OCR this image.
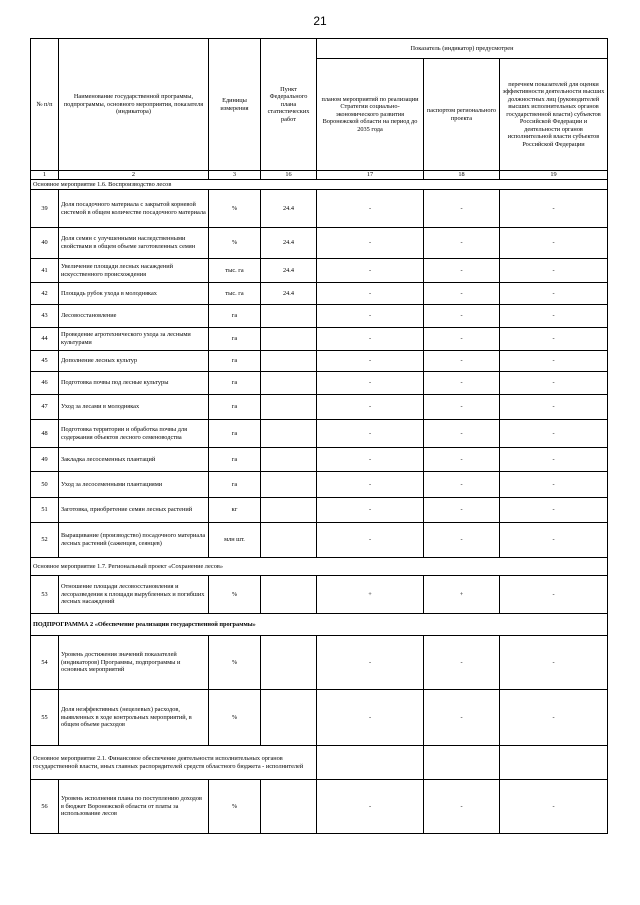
21
№ п/п	Наименование государственной программы, подпрограммы, основного мероприятия, показателя (индикатора)	Единицы измерения	Пункт Федерального плана статистических работ	Показатель (индикатор) предусмотрен		
				планом мероприятий по реализации Стратегии социально-экономического развития Воронежской области на период до 2035 года	паспортом регионального проекта	перечнем показателей для оценки эффективности деятельности высших должностных лиц (руководителей высших исполнительных органов государственной власти) субъектов Российской Федерации и деятельности органов исполнительной власти субъектов Российской Федерации
1	2	3	16	17	18	19
Основное мероприятие 1.6. Воспроизводство лесов						
39	Доля посадочного материала с закрытой корневой системой в общем количестве посадочного материала	%	24.4	-	-	-
40	Доля семян с улучшенными наследственными свойствами в общем объеме заготовленных семян	%	24.4	-	-	-
41	Увеличение площади лесных насаждений искусственного происхождения	тыс. га	24.4	-	-	-
42	Площадь рубок ухода в молодняках	тыс. га	24.4	-	-	-
43	Лесовосстановление	га		-	-	-
44	Проведение агротехнического ухода за лесными культурами	га		-	-	-
45	Дополнение лесных культур	га		-	-	-
46	Подготовка почвы под лесные культуры	га		-	-	-
47	Уход за лесами в молодняках	га		-	-	-
48	Подготовка территории и обработка почвы для содержания объектов лесного семеноводства	га		-	-	-
49	Закладка лесосеменных плантаций	га		-	-	-
50	Уход за лесосеменными плантациями	га		-	-	-
51	Заготовка, приобретение семян лесных растений	кг		-	-	-
52	Выращивание (производство) посадочного материала лесных растений (саженцев, сеянцев)	млн шт.		-	-	-
Основное мероприятие 1.7. Региональный проект «Сохранение лесов»						
53	Отношение площади лесовосстановления и лесоразведения к площади вырубленных и погибших лесных насаждений	%		+	+	-
ПОДПРОГРАММА 2 «Обеспечение реализации государственной программы»						
54	Уровень достижения значений показателей (индикаторов) Программы, подпрограммы и основных мероприятий	%		-	-	-
55	Доля неэффективных (нецелевых) расходов, выявленных в ходе контрольных мероприятий, в общем объеме расходов	%		-	-	-
Основное мероприятие 2.1. Финансовое обеспечение деятельности исполнительных органов государственной власти, иных главных распорядителей средств областного бюджета - исполнителей						
56	Уровень исполнения плана по поступлению доходов в бюджет Воронежской области от платы за использование лесов	%		-	-	-
